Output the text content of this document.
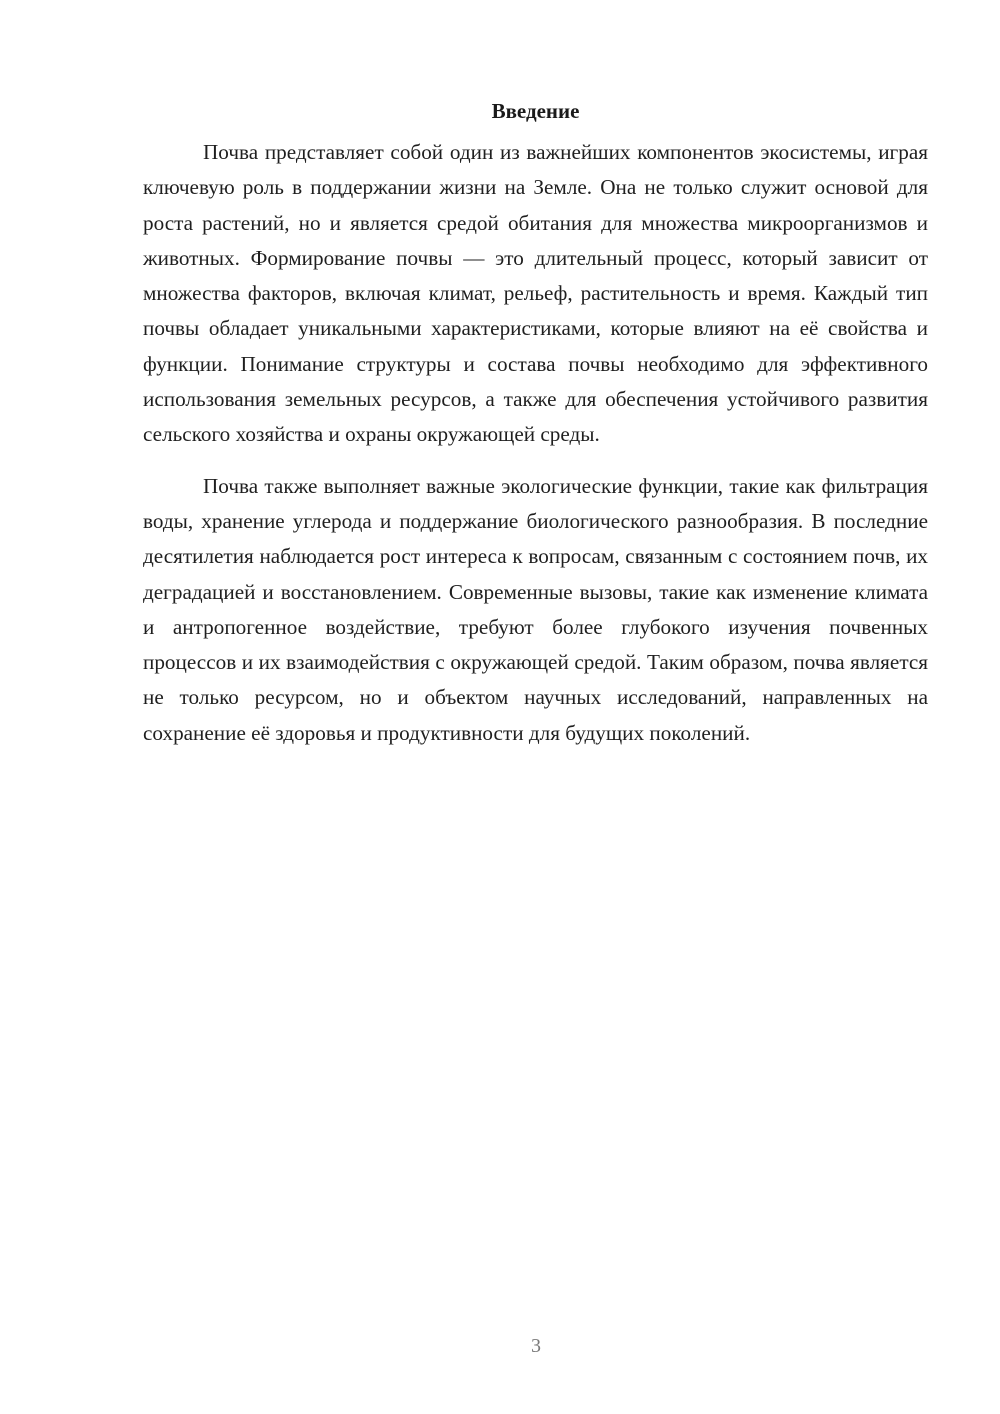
Введение

Почва представляет собой один из важнейших компонентов экосистемы, играя ключевую роль в поддержании жизни на Земле. Она не только служит основой для роста растений, но и является средой обитания для множества микроорганизмов и животных. Формирование почвы — это длительный процесс, который зависит от множества факторов, включая климат, рельеф, растительность и время. Каждый тип почвы обладает уникальными характеристиками, которые влияют на её свойства и функции. Понимание структуры и состава почвы необходимо для эффективного использования земельных ресурсов, а также для обеспечения устойчивого развития сельского хозяйства и охраны окружающей среды.

Почва также выполняет важные экологические функции, такие как фильтрация воды, хранение углерода и поддержание биологического разнообразия. В последние десятилетия наблюдается рост интереса к вопросам, связанным с состоянием почв, их деградацией и восстановлением. Современные вызовы, такие как изменение климата и антропогенное воздействие, требуют более глубокого изучения почвенных процессов и их взаимодействия с окружающей средой. Таким образом, почва является не только ресурсом, но и объектом научных исследований, направленных на сохранение её здоровья и продуктивности для будущих поколений.

3
